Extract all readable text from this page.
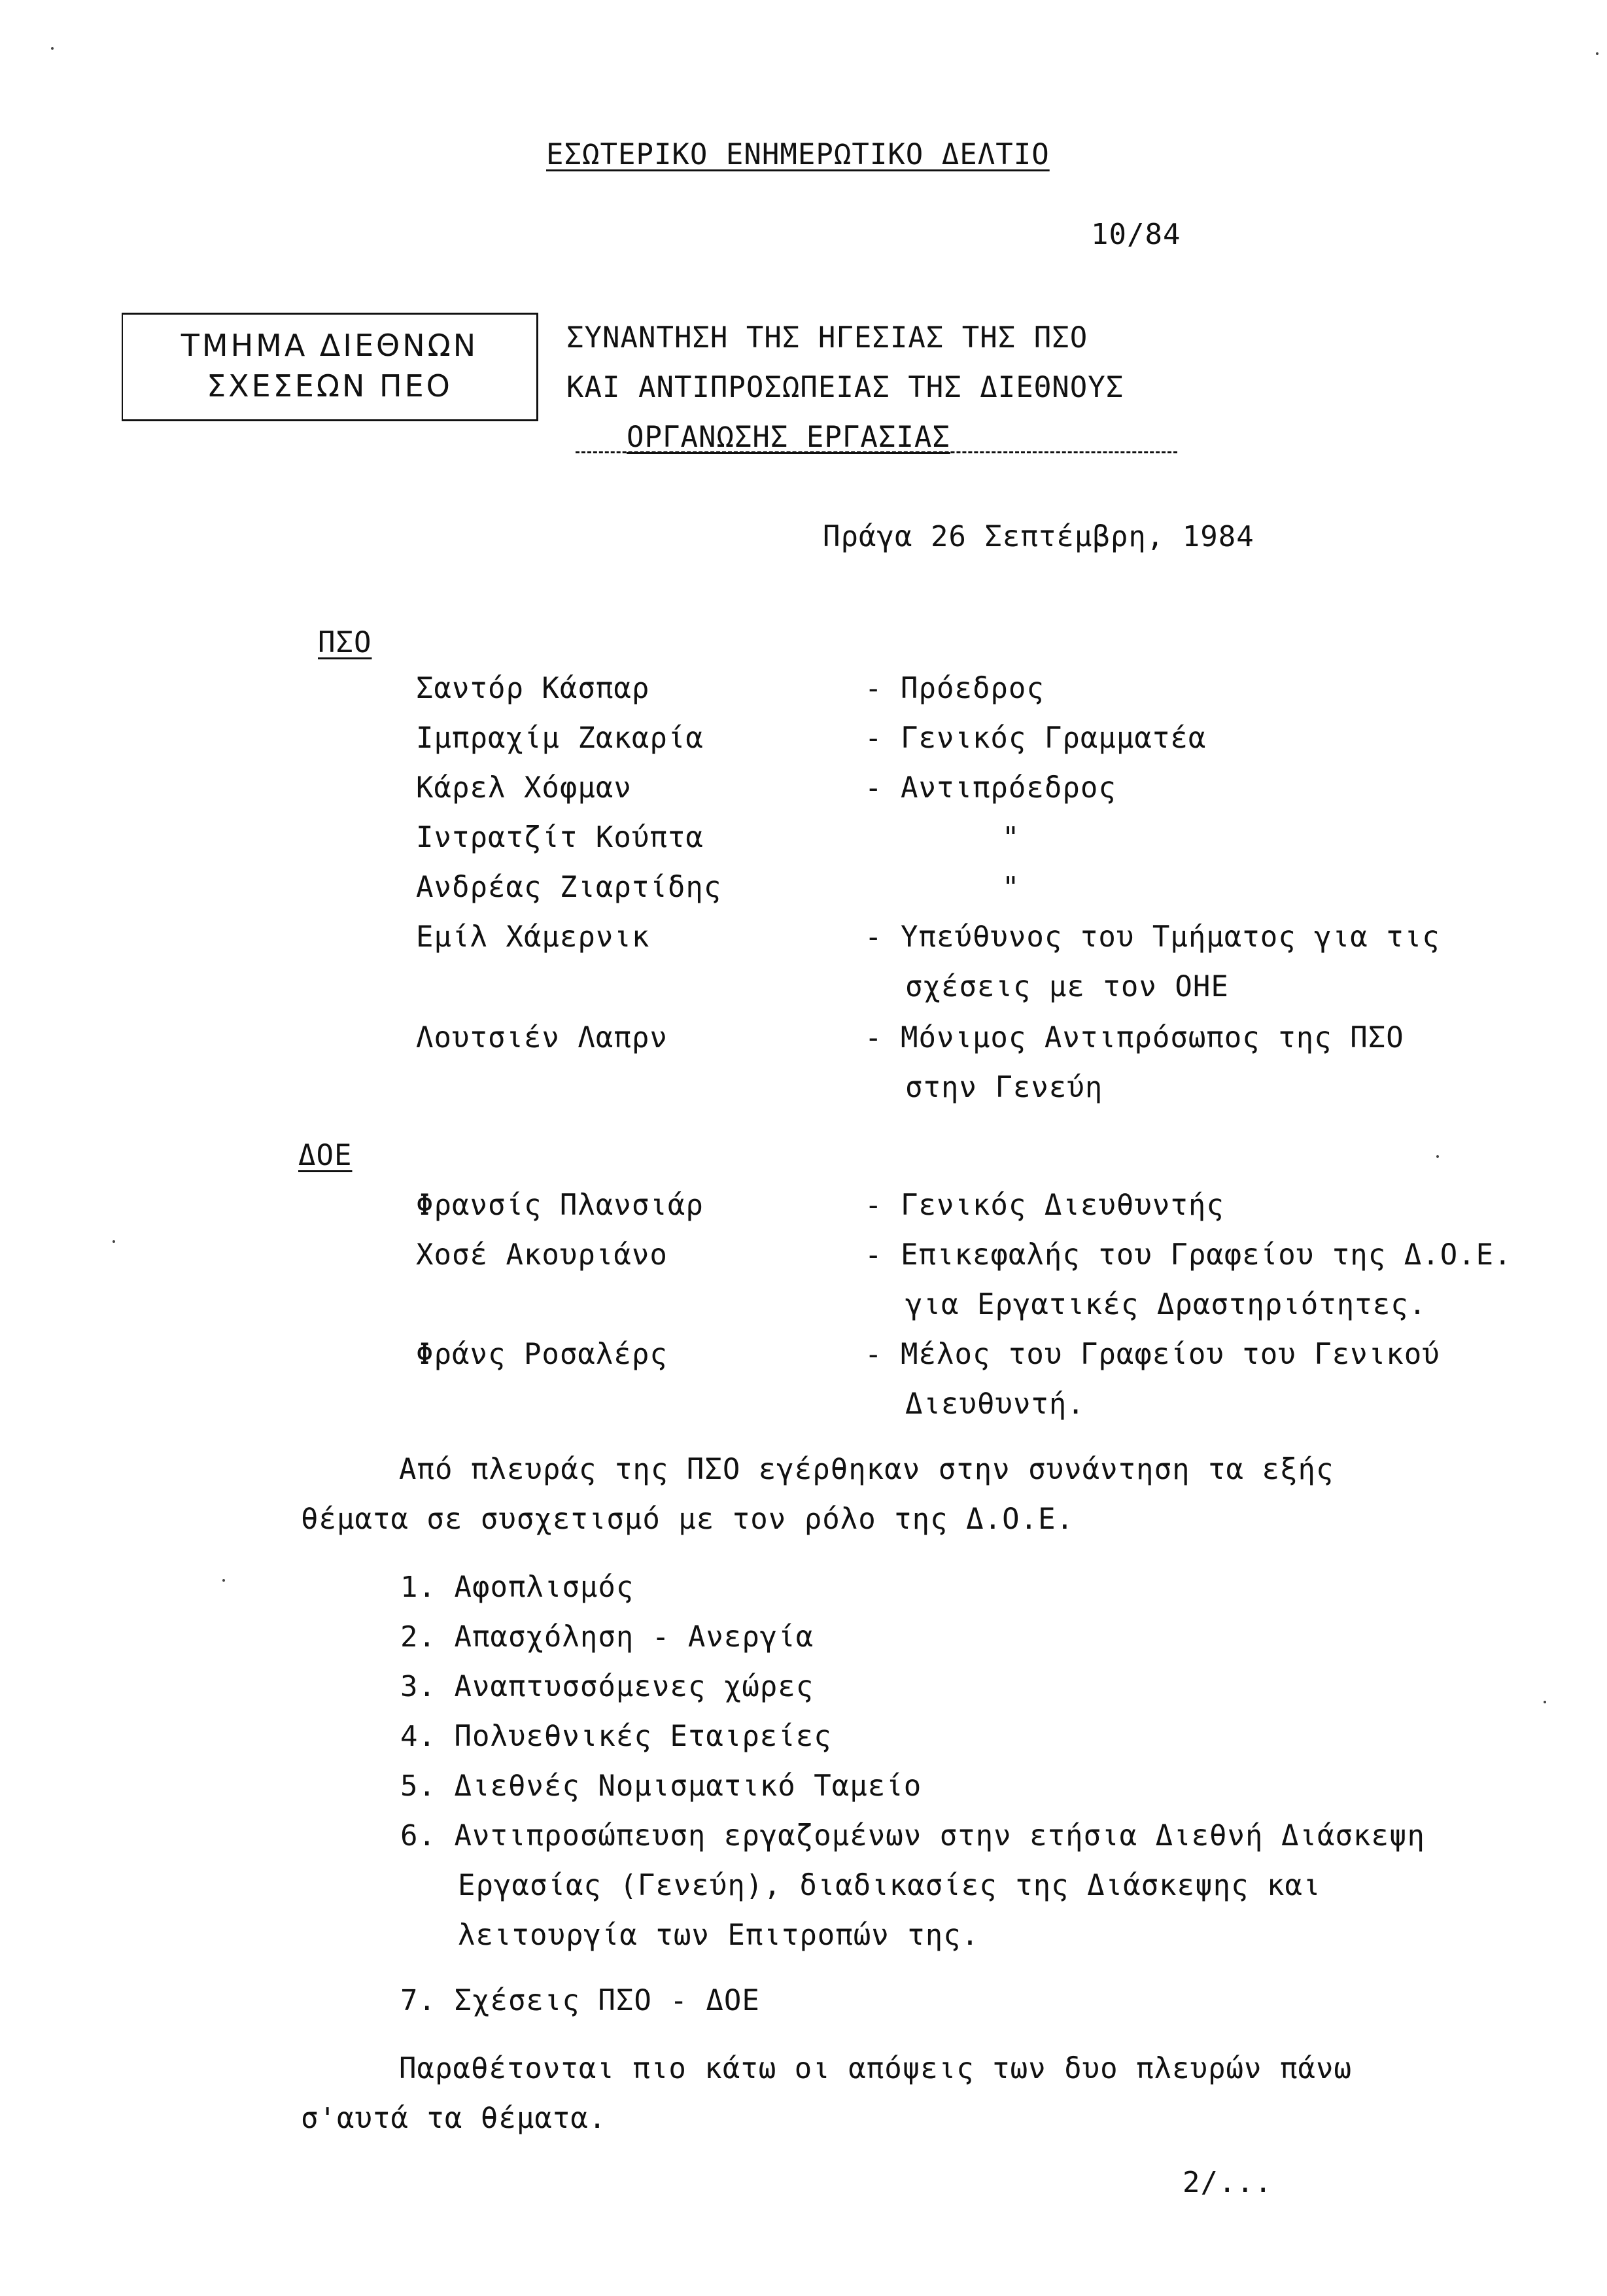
ΕΣΩΤΕΡΙΚΟ ΕΝΗΜΕΡΩΤΙΚΟ ΔΕΛΤΙΟ
10/84
ΤΜΗΜΑ ΔΙΕΘΝΩΝ
ΣΧΕΣΕΩΝ ΠΕΟ
ΣΥΝΑΝΤΗΣΗ ΤΗΣ ΗΓΕΣΙΑΣ ΤΗΣ ΠΣΟ
ΚΑΙ ΑΝΤΙΠΡΟΣΩΠΕΙΑΣ ΤΗΣ ΔΙΕΘΝΟΥΣ
ΟΡΓΑΝΩΣΗΣ ΕΡΓΑΣΙΑΣ
Πράγα 26 Σεπτέμβρη, 1984
ΠΣΟ
Σαντόρ Κάσπαρ	- Πρόεδρος
Ιμπραχίμ Ζακαρία	- Γενικός Γραμματέα
Κάρελ Χόφμαν	- Αντιπρόεδρος
Ιντρατζίτ Κούπτα	"
Ανδρέας Ζιαρτίδης	"
Εμίλ Χάμερνικ	- Υπεύθυνος του Τμήματος για τις
σχέσεις με τον ΟΗΕ
Λουτσιέν Λαπρν	- Μόνιμος Αντιπρόσωπος της ΠΣΟ
στην Γενεύη
ΔΟΕ
Φρανσίς Πλανσιάρ	- Γενικός Διευθυντής
Χοσέ Ακουριάνο	- Επικεφαλής του Γραφείου της Δ.Ο.Ε.
για Εργατικές Δραστηριότητες.
Φράνς Ροσαλέρς	- Μέλος του Γραφείου του Γενικού
Διευθυντή.
Από πλευράς της ΠΣΟ εγέρθηκαν στην συνάντηση τα εξής
θέματα σε συσχετισμό με τον ρόλο της Δ.Ο.Ε.
1. Αφοπλισμός
2. Απασχόληση - Ανεργία
3. Αναπτυσσόμενες χώρες
4. Πολυεθνικές Εταιρείες
5. Διεθνές Νομισματικό Ταμείο
6. Αντιπροσώπευση εργαζομένων στην ετήσια Διεθνή Διάσκεψη
Εργασίας (Γενεύη), διαδικασίες της Διάσκεψης και
λειτουργία των Επιτροπών της.
7. Σχέσεις ΠΣΟ - ΔΟΕ
Παραθέτονται πιο κάτω οι απόψεις των δυο πλευρών πάνω
σ'αυτά τα θέματα.
2/...
